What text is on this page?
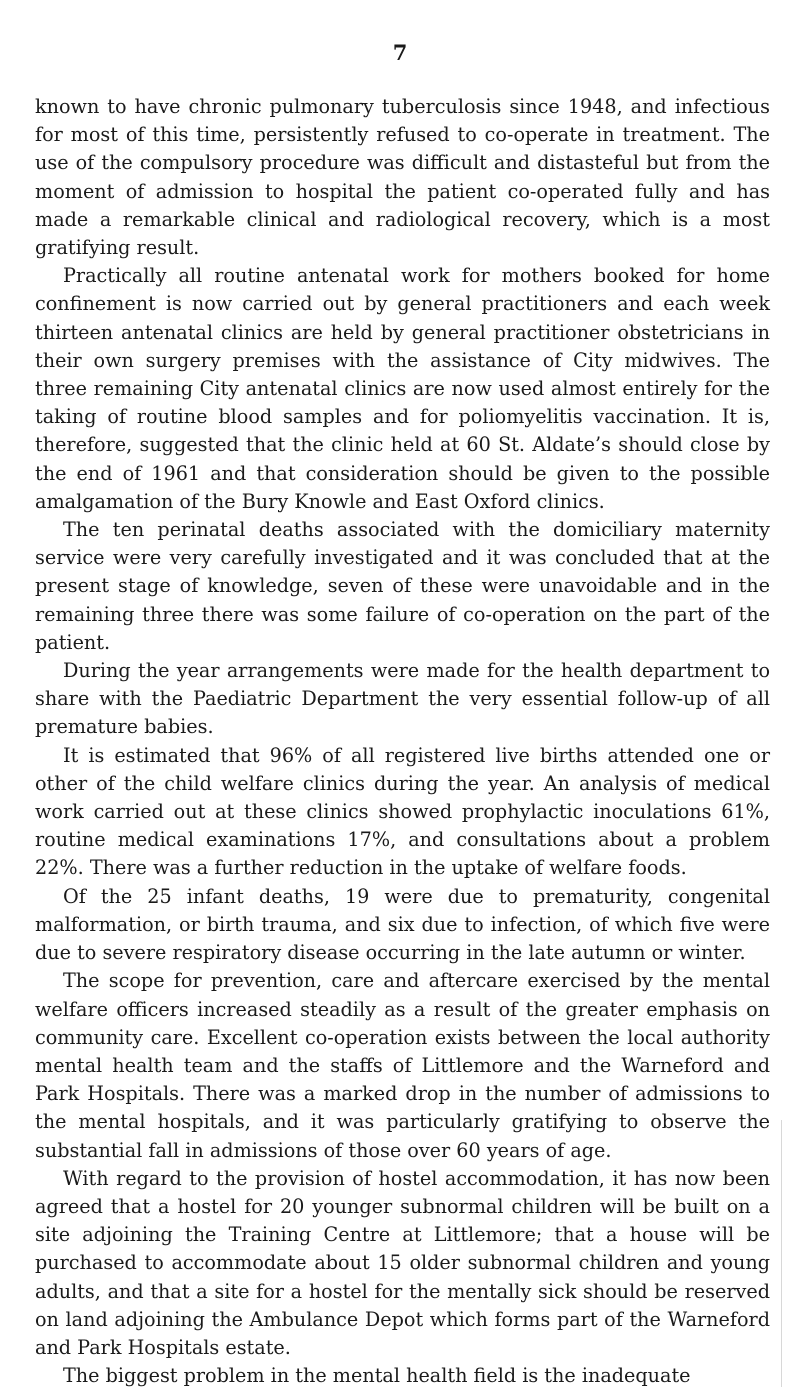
7

known to have chronic pulmonary tuberculosis since 1948, and infectious for most of this time, persistently refused to co-operate in treatment. The use of the compulsory procedure was difficult and distasteful but from the moment of admission to hospital the patient co-operated fully and has made a remarkable clinical and radiological recovery, which is a most gratifying result.

Practically all routine antenatal work for mothers booked for home confinement is now carried out by general practitioners and each week thirteen antenatal clinics are held by general practitioner obstetricians in their own surgery premises with the assistance of City midwives. The three remaining City antenatal clinics are now used almost entirely for the taking of routine blood samples and for poliomyelitis vaccination. It is, therefore, suggested that the clinic held at 60 St. Aldate’s should close by the end of 1961 and that consideration should be given to the possible amalgamation of the Bury Knowle and East Oxford clinics.

The ten perinatal deaths associated with the domiciliary maternity service were very carefully investigated and it was concluded that at the present stage of knowledge, seven of these were unavoidable and in the remaining three there was some failure of co-operation on the part of the patient.

During the year arrangements were made for the health department to share with the Paediatric Department the very essential follow-up of all premature babies.

It is estimated that 96% of all registered live births attended one or other of the child welfare clinics during the year. An analysis of medical work carried out at these clinics showed prophylactic inoculations 61%, routine medical examinations 17%, and consultations about a problem 22%. There was a further reduction in the uptake of welfare foods.

Of the 25 infant deaths, 19 were due to prematurity, congenital malformation, or birth trauma, and six due to infection, of which five were due to severe respiratory disease occurring in the late autumn or winter.

The scope for prevention, care and aftercare exercised by the mental welfare officers increased steadily as a result of the greater emphasis on community care. Excellent co-operation exists between the local authority mental health team and the staffs of Littlemore and the Warneford and Park Hospitals. There was a marked drop in the number of admissions to the mental hospitals, and it was particularly gratifying to observe the substantial fall in admissions of those over 60 years of age.

With regard to the provision of hostel accommodation, it has now been agreed that a hostel for 20 younger subnormal children will be built on a site adjoining the Training Centre at Littlemore; that a house will be purchased to accommodate about 15 older subnormal children and young adults, and that a site for a hostel for the mentally sick should be reserved on land adjoining the Ambulance Depot which forms part of the Warneford and Park Hospitals estate.

The biggest problem in the mental health field is the inadequate
